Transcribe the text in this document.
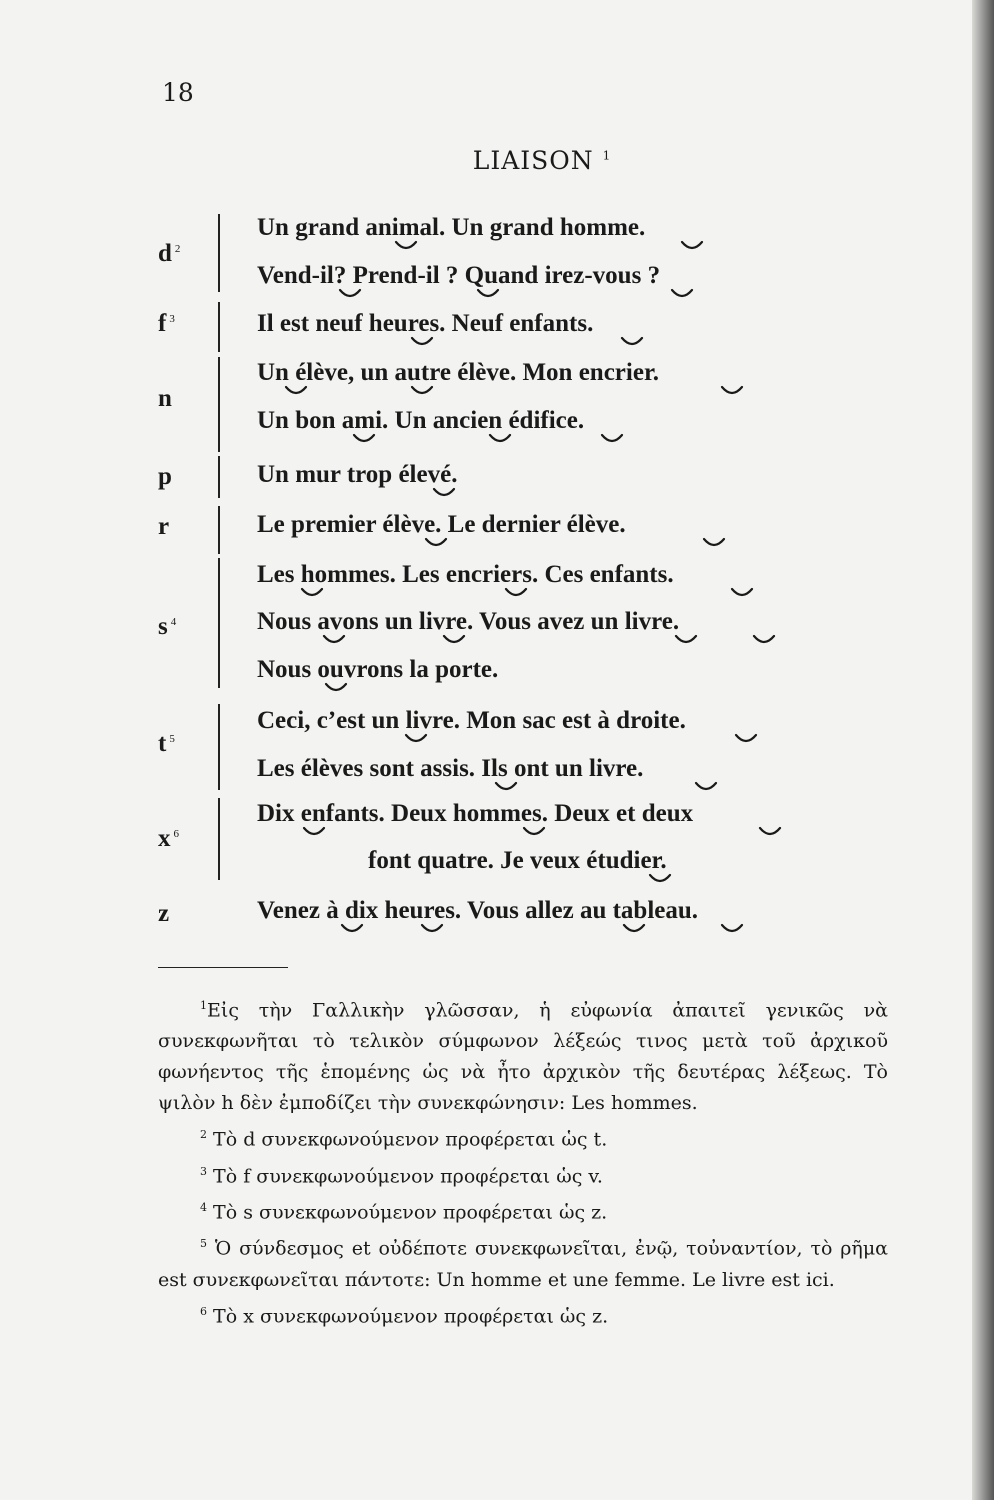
18
LIAISON $^1$
d $^2$
f $^3$
n
p
r
s $^4$
t $^5$
x $^6$
z
Un grand animal. Un grand homme.
Vend-il? Prend-il ? Quand irez-vous ?
Il est neuf heures. Neuf enfants.
Un élève, un autre élève. Mon encrier.
Un bon ami. Un ancien édifice.
Un mur trop élevé.
Le premier élève. Le dernier élève.
Les hommes. Les encriers. Ces enfants.
Nous avons un livre. Vous avez un livre.
Nous ouvrons la porte.
Ceci, c’est un livre. Mon sac est à droite.
Les élèves sont assis. Ils ont un livre.
Dix enfants. Deux hommes. Deux et deux
font quatre. Je veux étudier.
Venez à dix heures. Vous allez au tableau.

$^1$Εἰς τὴν Γαλλικὴν γλῶσσαν, ἡ εὐφωνία ἀπαιτεῖ γενικῶς νὰ συνεκφωνῆται τὸ τελικὸν σύμφωνον λέξεώς τινος μετὰ τοῦ ἀρχικοῦ φωνήεντος τῆς ἑπομένης ὡς νὰ ἦτο ἀρχικὸν τῆς δευτέρας λέξεως. Τὸ ψιλὸν h δὲν ἐμποδίζει τὴν συνεκφώνησιν: Les hommes.

$^2$ Τὸ d συνεκφωνούμενον προφέρεται ὡς t.

$^3$ Τὸ f συνεκφωνούμενον προφέρεται ὡς v.

$^4$ Τὸ s συνεκφωνούμενον προφέρεται ὡς z.

$^5$ Ὁ σύνδεσμος et οὐδέποτε συνεκφωνεῖται, ἐνῷ, τοὐναντίον, τὸ ρῆμα est συνεκφωνεῖται πάντοτε: Un homme et une femme. Le livre est ici.

$^6$ Τὸ x συνεκφωνούμενον προφέρεται ὡς z.
